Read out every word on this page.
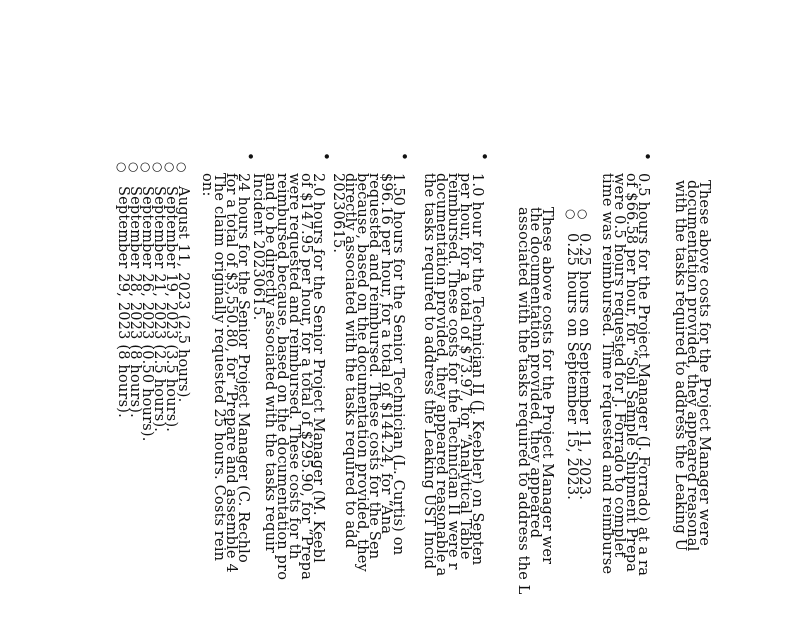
These above costs for the Project Manager were
documentation provided, they appeared reasonal
with the tasks required to address the Leaking U
•
0.5 hours for the Project Manager (J. Forrado) at a ra
of $66.58 per hour, for “Soil Sample Shipment Prepa
were 0.5 hours requested for J. Forrado to complet
time was reimbursed. Time requested and reimburse
○
0.25 hours on September 11, 2023.
○
0.25 hours on September 15, 2023.
These above costs for the Project Manager wer
the documentation provided, they appeared
associated with the tasks required to address the L
•
1.0 hour for the Technician II (J. Keebler) on Septen
per hour, for a total of $73.97, for “Analytical Table
reimbursed. These costs for the Technician II were r
documentation provided, they appeared reasonable a
the tasks required to address the Leaking UST Incid
•
1.50 hours for the Senior Technician (L. Curtis) on
$96.16 per hour, for a total of $144.24, for “Ana
requested and reimbursed. These costs for the Sen
because, based on the documentation provided, they
directly associated with the tasks required to add
20230615.
•
2.0 hours for the Senior Project Manager (M. Keebl
of $147.95 per hour, for a total of $295.90, for “Prepa
were requested and reimbursed. These costs for th
reimbursed because, based on the documentation pro
and to be directly associated with the tasks requir
Incident 20230615.
•
24 hours for the Senior Project Manager (C. Rechlo
for a total of $3,550.80, for “Prepare and assemble 4
The claim originally requested 25 hours. Costs rein
on:
○
August 11, 2023 (2.5 hours).
○
September 19, 2023 (3.5 hours).
○
September 21, 2023 (2.5 hours).
○
September 26, 2023 (0.50 hours).
○
September 28, 2023 (8 hours).
○
September 29, 2023 (8 hours).
